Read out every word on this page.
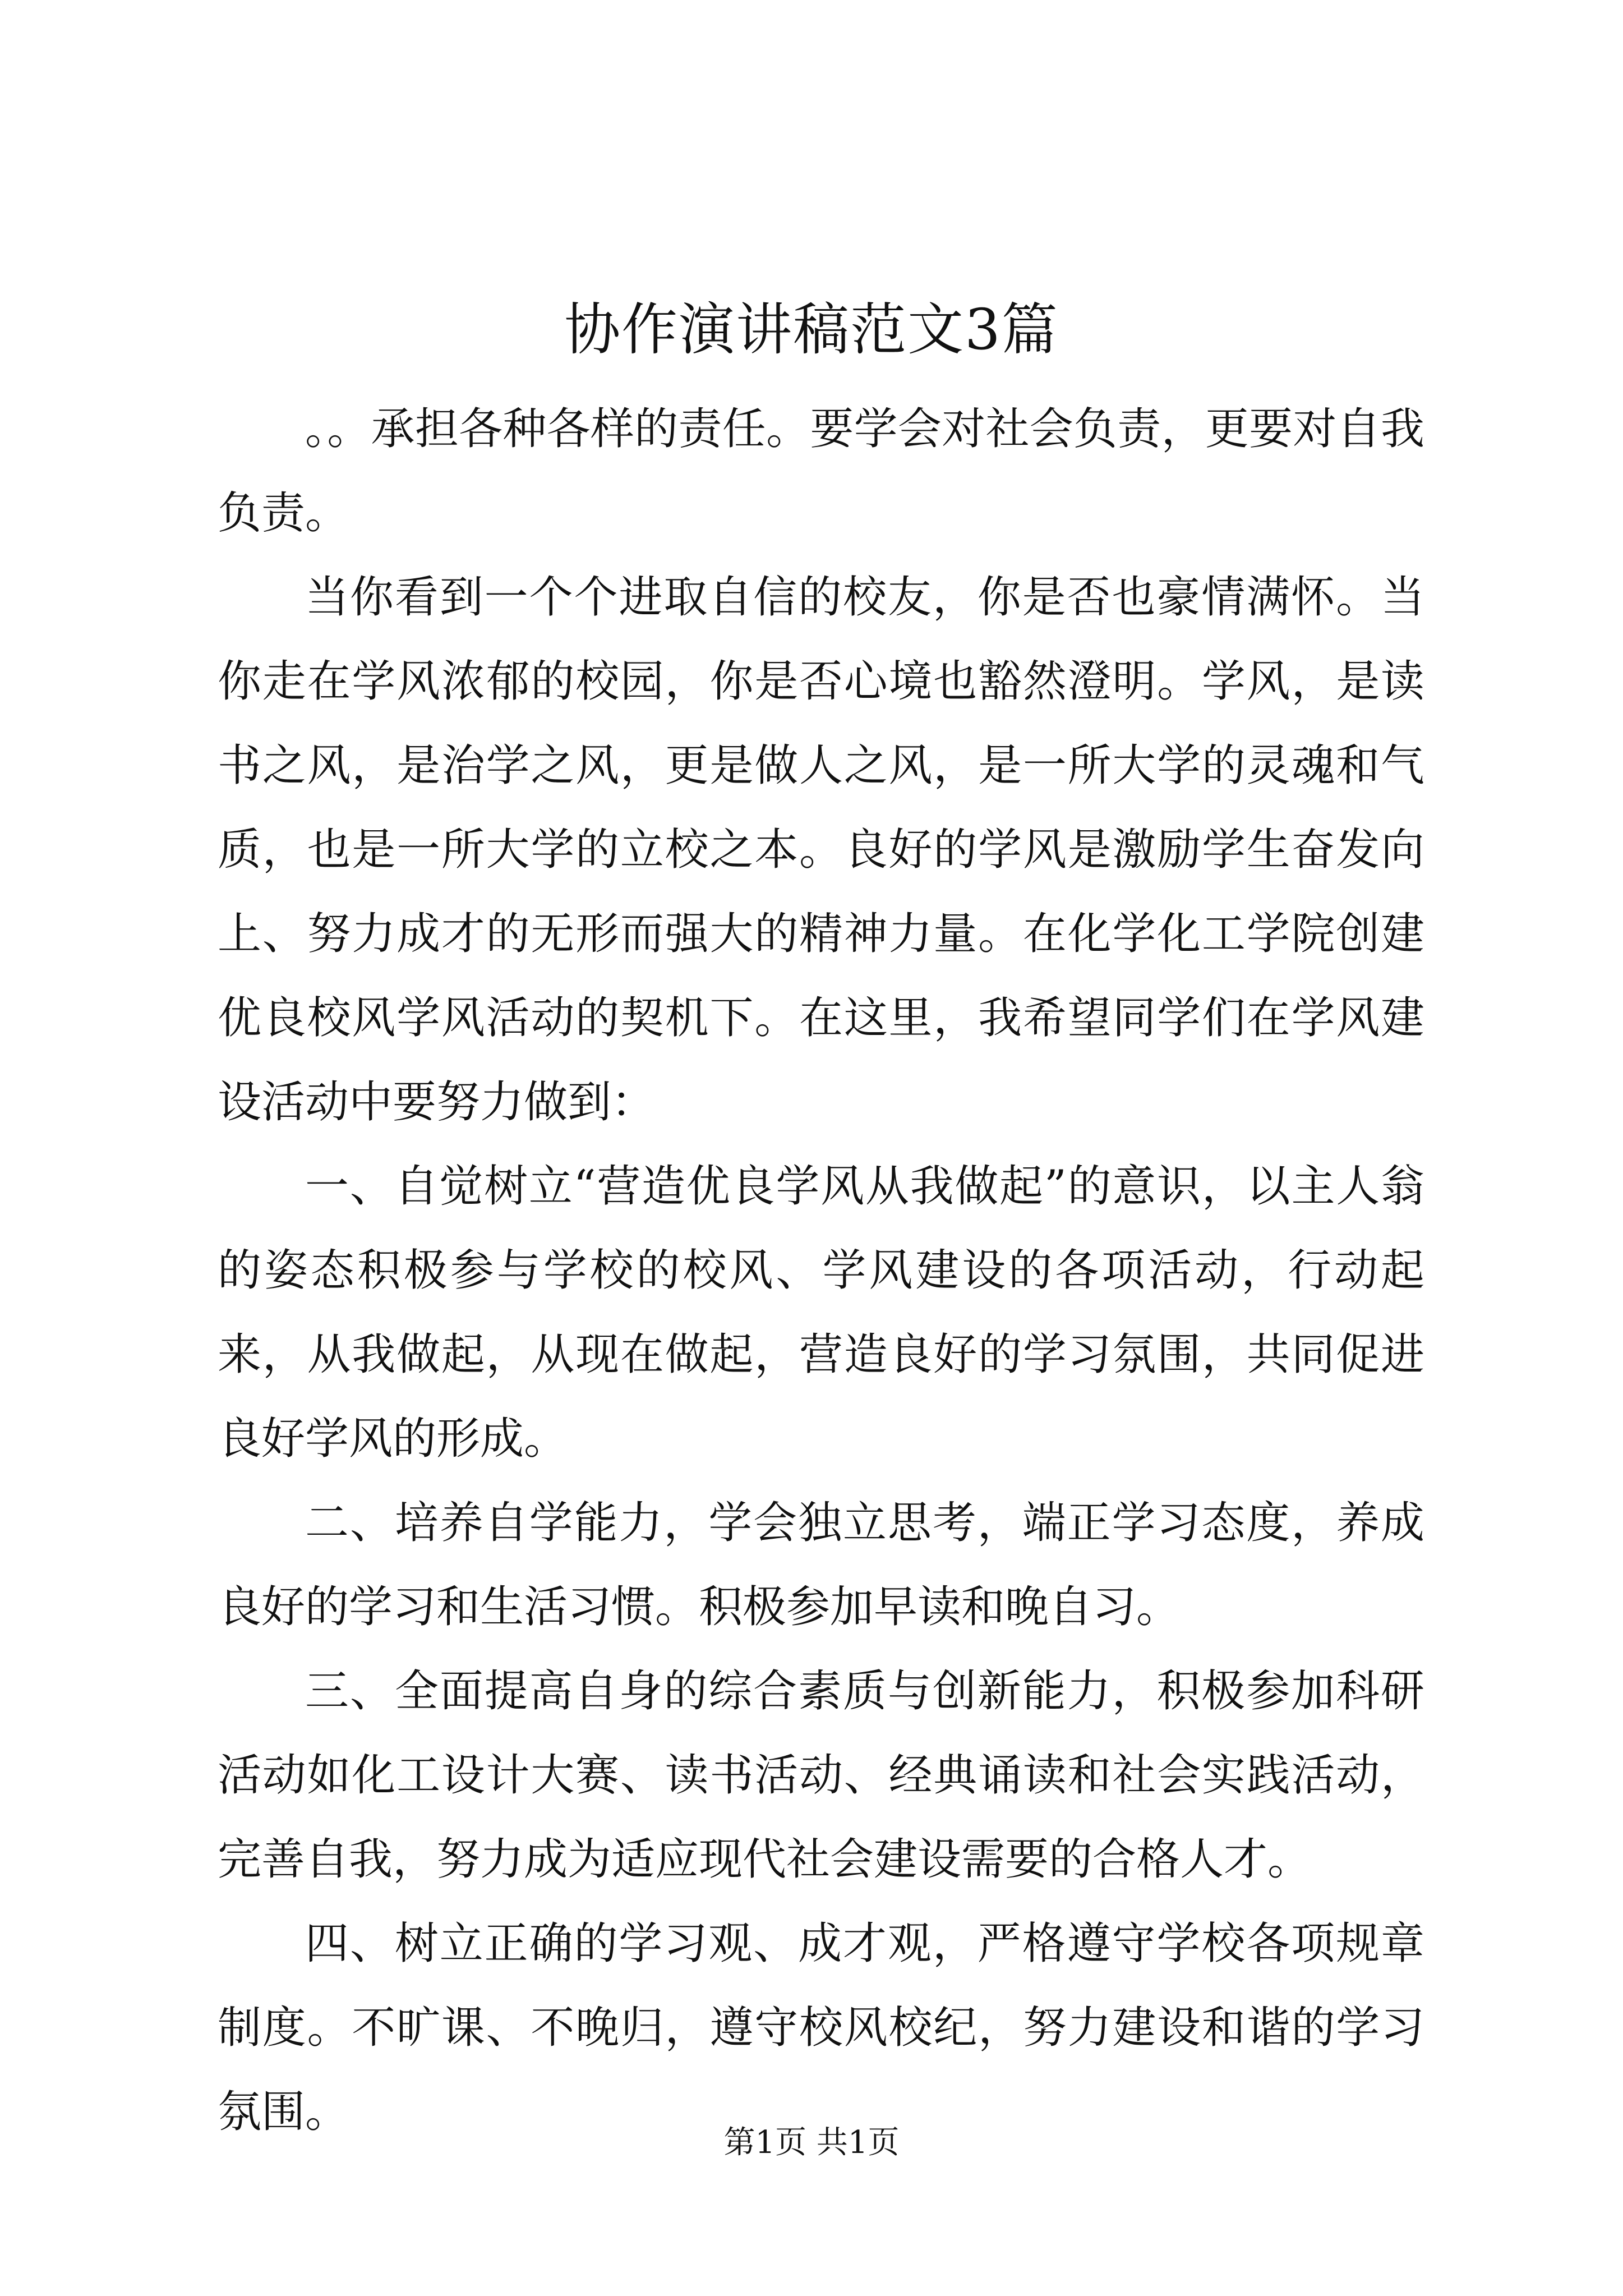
协作演讲稿范文3篇

。。承担各种各样的责任。要学会对社会负责，更要对自我负责。

当你看到一个个进取自信的校友，你是否也豪情满怀。当你走在学风浓郁的校园，你是否心境也豁然澄明。学风，是读书之风，是治学之风，更是做人之风，是一所大学的灵魂和气质，也是一所大学的立校之本。良好的学风是激励学生奋发向上、努力成才的无形而强大的精神力量。在化学化工学院创建优良校风学风活动的契机下。在这里，我希望同学们在学风建设活动中要努力做到：

一、自觉树立“营造优良学风从我做起”的意识，以主人翁的姿态积极参与学校的校风、学风建设的各项活动，行动起来，从我做起，从现在做起，营造良好的学习氛围，共同促进良好学风的形成。

二、培养自学能力，学会独立思考，端正学习态度，养成良好的学习和生活习惯。积极参加早读和晚自习。

三、全面提高自身的综合素质与创新能力，积极参加科研活动如化工设计大赛、读书活动、经典诵读和社会实践活动，完善自我，努力成为适应现代社会建设需要的合格人才。

四、树立正确的学习观、成才观，严格遵守学校各项规章制度。不旷课、不晚归，遵守校风校纪，努力建设和谐的学习氛围。

第1页 共1页
